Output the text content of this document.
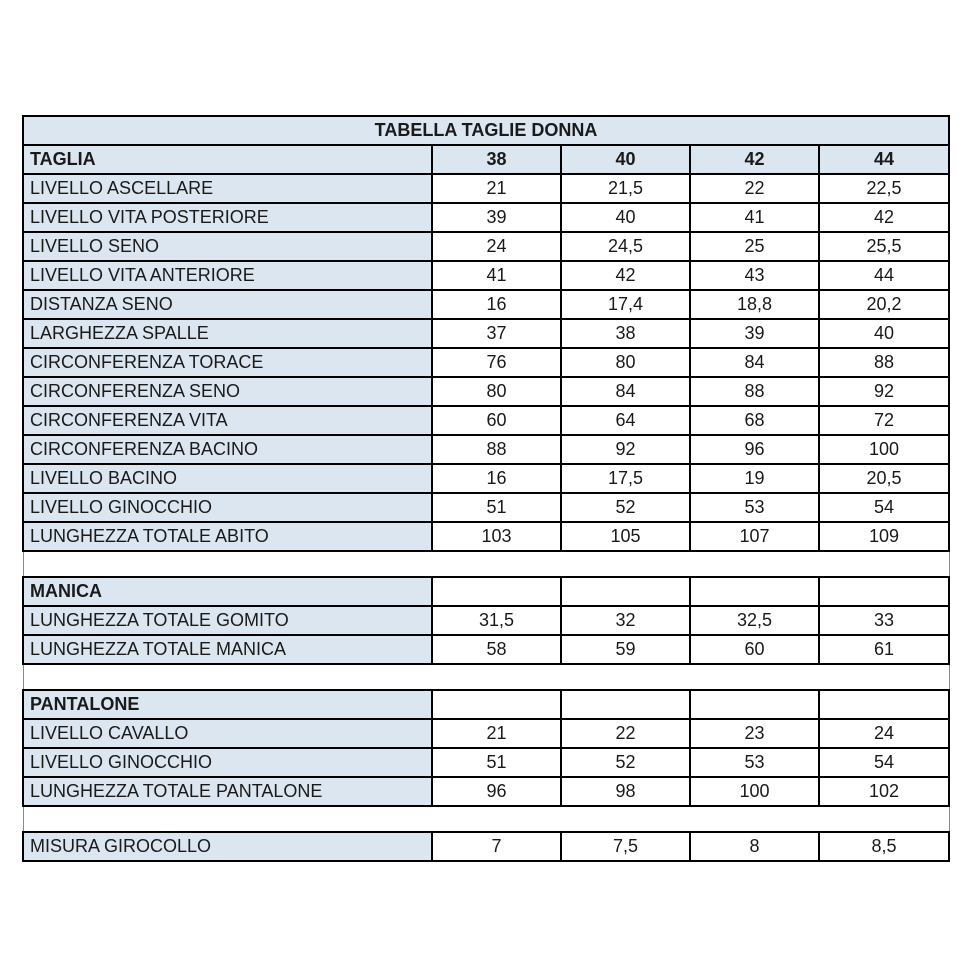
TABELLA TAGLIE DONNA				
TAGLIA	38	40	42	44
LIVELLO ASCELLARE	21	21,5	22	22,5
LIVELLO VITA POSTERIORE	39	40	41	42
LIVELLO SENO	24	24,5	25	25,5
LIVELLO VITA ANTERIORE	41	42	43	44
DISTANZA SENO	16	17,4	18,8	20,2
LARGHEZZA SPALLE	37	38	39	40
CIRCONFERENZA TORACE	76	80	84	88
CIRCONFERENZA SENO	80	84	88	92
CIRCONFERENZA VITA	60	64	68	72
CIRCONFERENZA BACINO	88	92	96	100
LIVELLO BACINO	16	17,5	19	20,5
LIVELLO GINOCCHIO	51	52	53	54
LUNGHEZZA TOTALE ABITO	103	105	107	109

MANICA				
LUNGHEZZA TOTALE GOMITO	31,5	32	32,5	33
LUNGHEZZA TOTALE MANICA	58	59	60	61

PANTALONE				
LIVELLO CAVALLO	21	22	23	24
LIVELLO GINOCCHIO	51	52	53	54
LUNGHEZZA TOTALE PANTALONE	96	98	100	102

MISURA GIROCOLLO	7	7,5	8	8,5
